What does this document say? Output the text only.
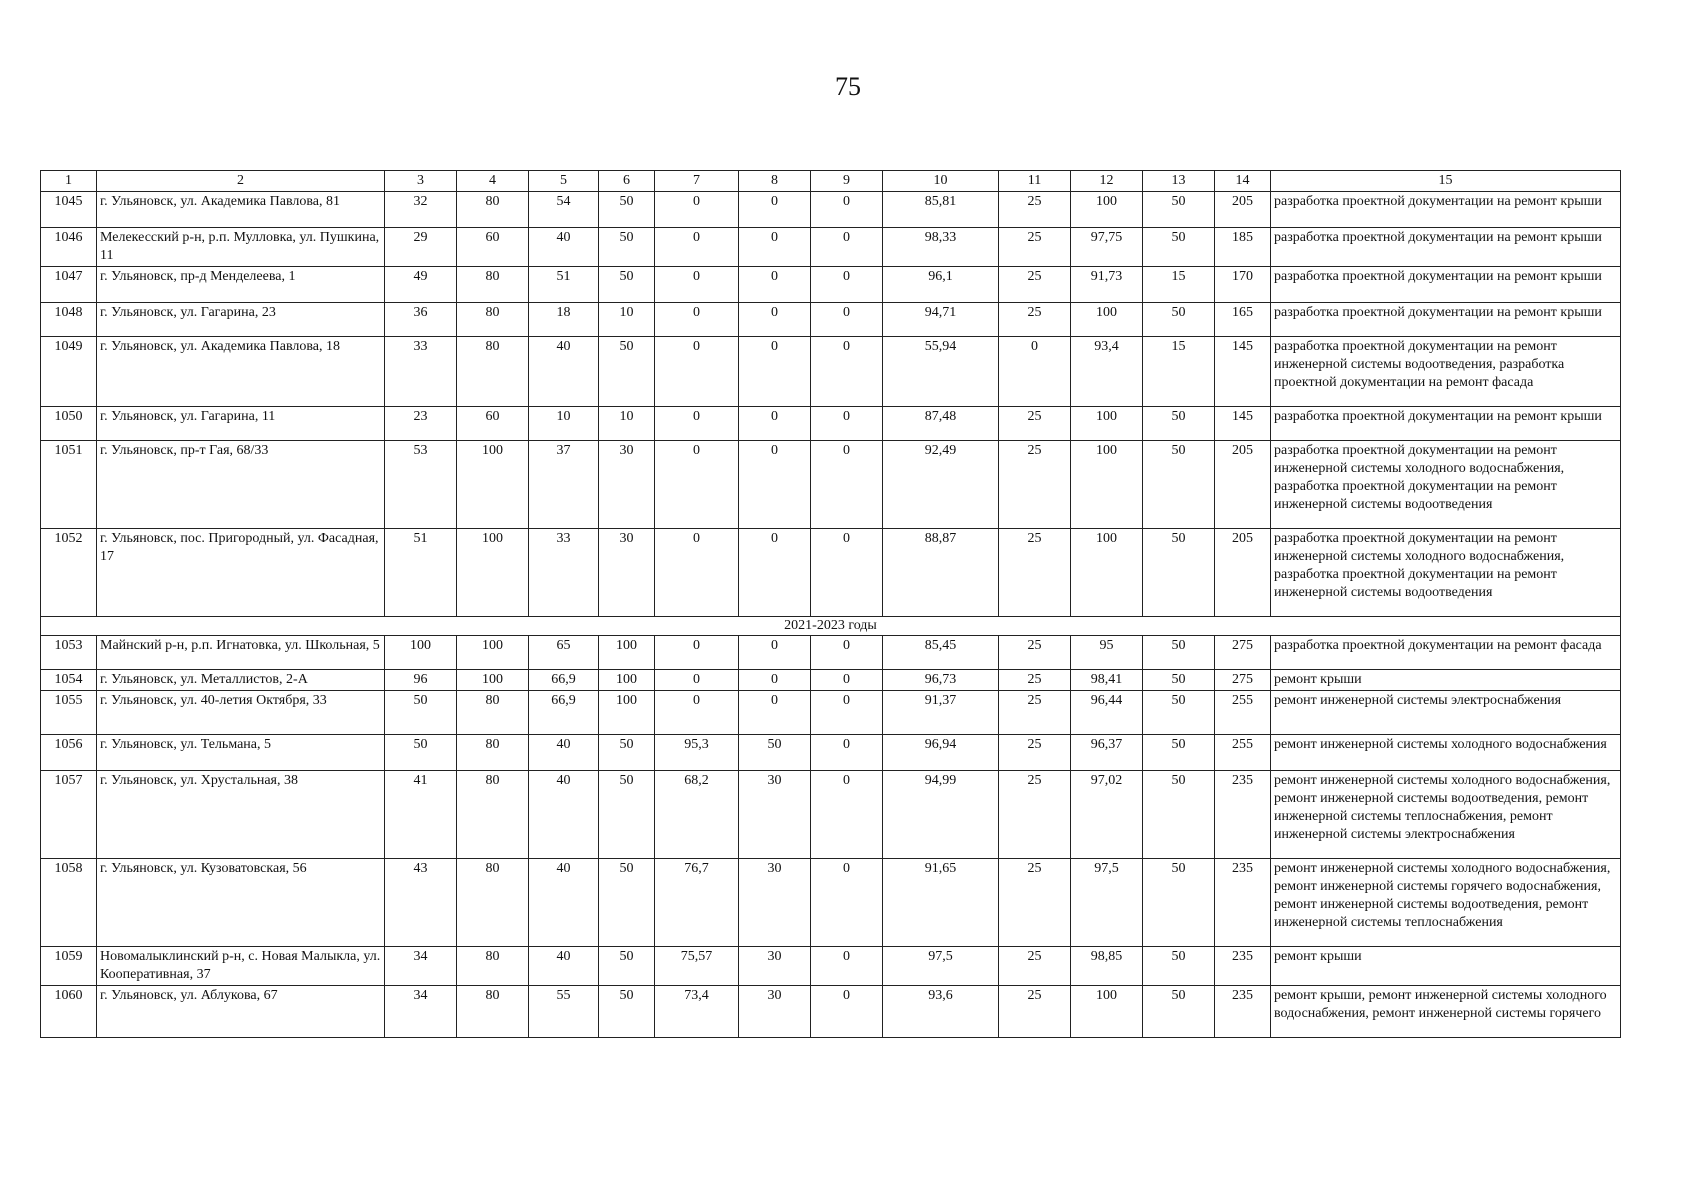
75
1	2	3	4	5	6	7	8	9	10	11	12	13	14	15
1045	г. Ульяновск, ул. Академика Павлова, 81	32	80	54	50	0	0	0	85,81	25	100	50	205	разработка проектной документации на ремонт крыши
1046	Мелекесский р-н, р.п. Мулловка, ул. Пушкина, 11	29	60	40	50	0	0	0	98,33	25	97,75	50	185	разработка проектной документации на ремонт крыши
1047	г. Ульяновск, пр-д Менделеева, 1	49	80	51	50	0	0	0	96,1	25	91,73	15	170	разработка проектной документации на ремонт крыши
1048	г. Ульяновск, ул. Гагарина, 23	36	80	18	10	0	0	0	94,71	25	100	50	165	разработка проектной документации на ремонт крыши
1049	г. Ульяновск, ул. Академика Павлова, 18	33	80	40	50	0	0	0	55,94	0	93,4	15	145	разработка проектной документации на ремонт инженерной системы водоотведения, разработка проектной документации на ремонт фасада
1050	г. Ульяновск, ул. Гагарина, 11	23	60	10	10	0	0	0	87,48	25	100	50	145	разработка проектной документации на ремонт крыши
1051	г. Ульяновск, пр-т Гая, 68/33	53	100	37	30	0	0	0	92,49	25	100	50	205	разработка проектной документации на ремонт инженерной системы холодного водоснабжения, разработка проектной документации на ремонт инженерной системы водоотведения
1052	г. Ульяновск, пос. Пригородный, ул. Фасадная, 17	51	100	33	30	0	0	0	88,87	25	100	50	205	разработка проектной документации на ремонт инженерной системы холодного водоснабжения, разработка проектной документации на ремонт инженерной системы водоотведения
2021-2023 годы														
1053	Майнский р-н, р.п. Игнатовка, ул. Школьная, 5	100	100	65	100	0	0	0	85,45	25	95	50	275	разработка проектной документации на ремонт фасада
1054	г. Ульяновск, ул. Металлистов, 2-А	96	100	66,9	100	0	0	0	96,73	25	98,41	50	275	ремонт крыши
1055	г. Ульяновск, ул. 40-летия Октября, 33	50	80	66,9	100	0	0	0	91,37	25	96,44	50	255	ремонт инженерной системы электроснабжения
1056	г. Ульяновск, ул. Тельмана, 5	50	80	40	50	95,3	50	0	96,94	25	96,37	50	255	ремонт инженерной системы холодного водоснабжения
1057	г. Ульяновск, ул. Хрустальная, 38	41	80	40	50	68,2	30	0	94,99	25	97,02	50	235	ремонт инженерной системы холодного водоснабжения, ремонт инженерной системы водоотведения, ремонт инженерной системы теплоснабжения, ремонт инженерной системы электроснабжения
1058	г. Ульяновск, ул. Кузоватовская, 56	43	80	40	50	76,7	30	0	91,65	25	97,5	50	235	ремонт инженерной системы холодного водоснабжения, ремонт инженерной системы горячего водоснабжения, ремонт инженерной системы водоотведения, ремонт инженерной системы теплоснабжения
1059	Новомалыклинский р-н, с. Новая Малыкла, ул. Кооперативная, 37	34	80	40	50	75,57	30	0	97,5	25	98,85	50	235	ремонт крыши
1060	г. Ульяновск, ул. Аблукова, 67	34	80	55	50	73,4	30	0	93,6	25	100	50	235	ремонт крыши, ремонт инженерной системы холодного водоснабжения, ремонт инженерной системы горячего
